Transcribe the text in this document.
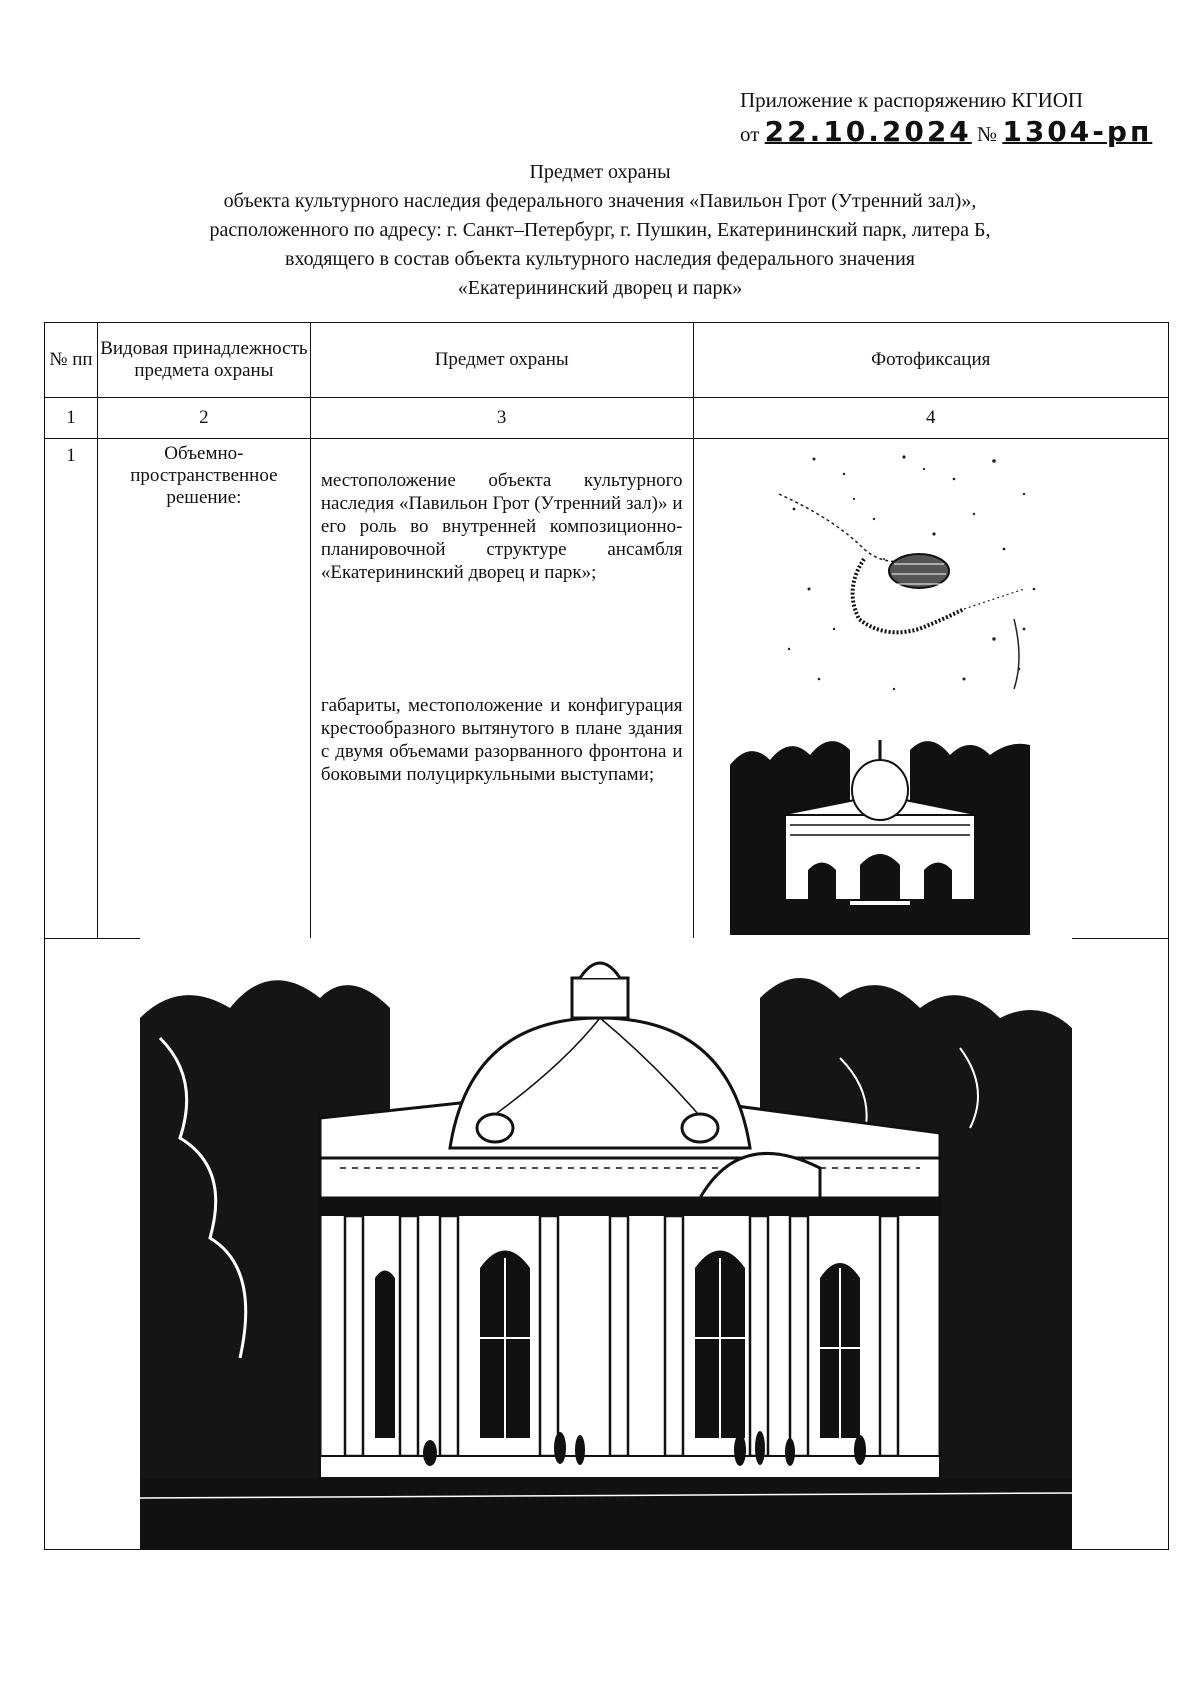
Приложение к распоряжению КГИОП
от 22.10.2024 № 1304-рп
Предмет охраны
объекта культурного наследия федерального значения «Павильон Грот (Утренний зал)»,
расположенного по адресу: г. Санкт–Петербург, г. Пушкин, Екатерининский парк, литера Б,
входящего в состав объекта культурного наследия федерального значения
«Екатерининский дворец и парк»
№ пп	Видовая принадлежность предмета охраны	Предмет охраны	Фотофиксация
1	2	3	4
1	Объемно-пространственное решение:	местоположение объекта культурного наследия «Павильон Грот (Утренний зал)» и его роль во внутренней композиционно-планировочной структуре ансамбля «Екатерининский дворец и парк»;

габариты, местоположение и конфигурация крестообразного вытянутого в плане здания с двумя объемами разорванного фронтона и боковыми полуциркульными выступами;
